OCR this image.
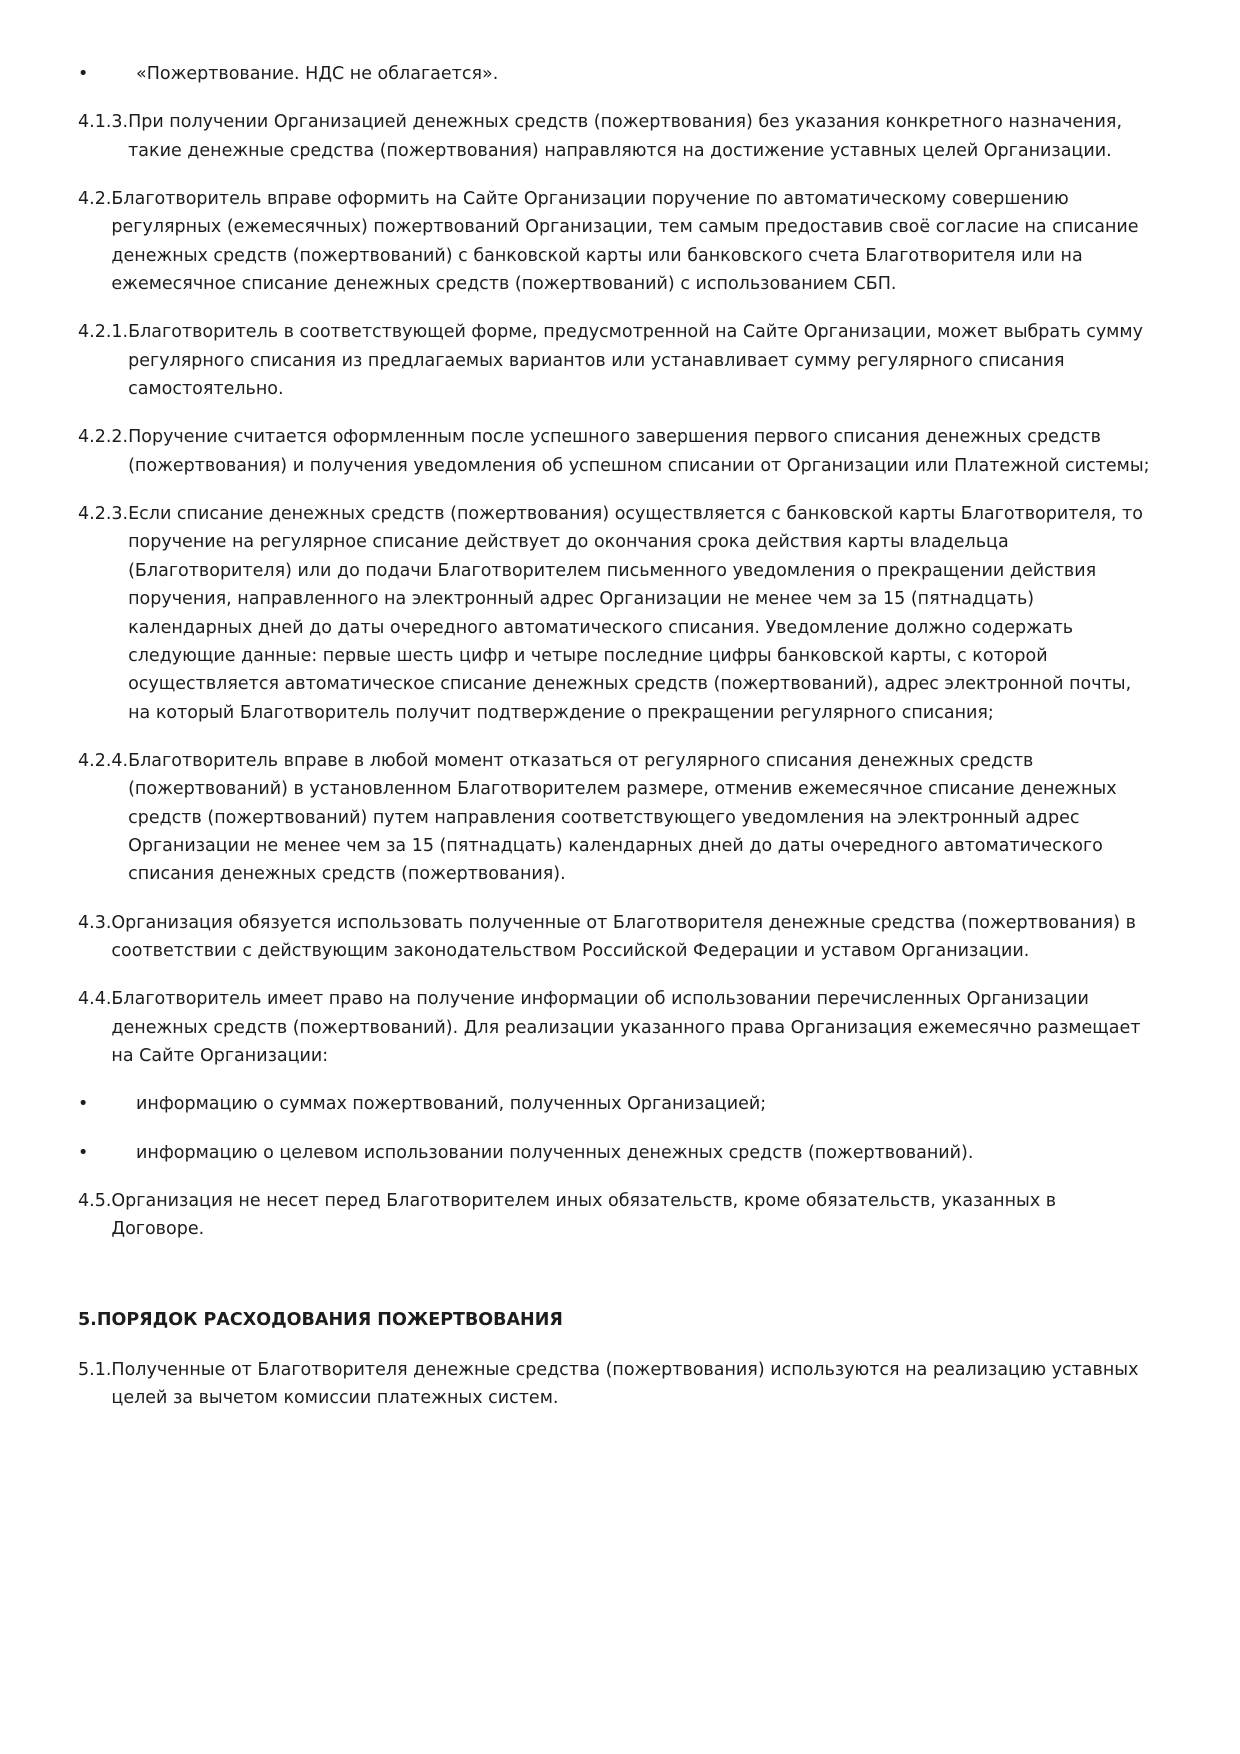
•	«Пожертвование. НДС не облагается».
4.1.3. При получении Организацией денежных средств (пожертвования) без указания конкретного назначения, такие денежные средства (пожертвования) направляются на достижение уставных целей Организации.
4.2. Благотворитель вправе оформить на Сайте Организации поручение по автоматическому совершению регулярных (ежемесячных) пожертвований Организации, тем самым предоставив своё согласие на списание денежных средств (пожертвований) с банковской карты или банковского счета Благотворителя или на ежемесячное списание денежных средств (пожертвований) с использованием СБП.
4.2.1. Благотворитель в соответствующей форме, предусмотренной на Сайте Организации, может выбрать сумму регулярного списания из предлагаемых вариантов или устанавливает сумму регулярного списания самостоятельно.
4.2.2. Поручение считается оформленным после успешного завершения первого списания денежных средств (пожертвования) и получения уведомления об успешном списании от Организации или Платежной системы;
4.2.3. Если списание денежных средств (пожертвования) осуществляется с банковской карты Благотворителя, то поручение на регулярное списание действует до окончания срока действия карты владельца (Благотворителя) или до подачи Благотворителем письменного уведомления о прекращении действия поручения, направленного на электронный адрес Организации не менее чем за 15 (пятнадцать) календарных дней до даты очередного автоматического списания. Уведомление должно содержать следующие данные: первые шесть цифр и четыре последние цифры банковской карты, с которой осуществляется автоматическое списание денежных средств (пожертвований), адрес электронной почты, на который Благотворитель получит подтверждение о прекращении регулярного списания;
4.2.4. Благотворитель вправе в любой момент отказаться от регулярного списания денежных средств (пожертвований) в установленном Благотворителем размере, отменив ежемесячное списание денежных средств (пожертвований) путем направления соответствующего уведомления на электронный адрес Организации не менее чем за 15 (пятнадцать) календарных дней до даты очередного автоматического списания денежных средств (пожертвования).
4.3. Организация обязуется использовать полученные от Благотворителя денежные средства (пожертвования) в соответствии с действующим законодательством Российской Федерации и уставом Организации.
4.4. Благотворитель имеет право на получение информации об использовании перечисленных Организации денежных средств (пожертвований). Для реализации указанного права Организация ежемесячно размещает на Сайте Организации:
•	информацию о суммах пожертвований, полученных Организацией;
•	информацию о целевом использовании полученных денежных средств (пожертвований).
4.5. Организация не несет перед Благотворителем иных обязательств, кроме обязательств, указанных в Договоре.
5. ПОРЯДОК РАСХОДОВАНИЯ ПОЖЕРТВОВАНИЯ
5.1. Полученные от Благотворителя денежные средства (пожертвования) используются на реализацию уставных целей за вычетом комиссии платежных систем.
